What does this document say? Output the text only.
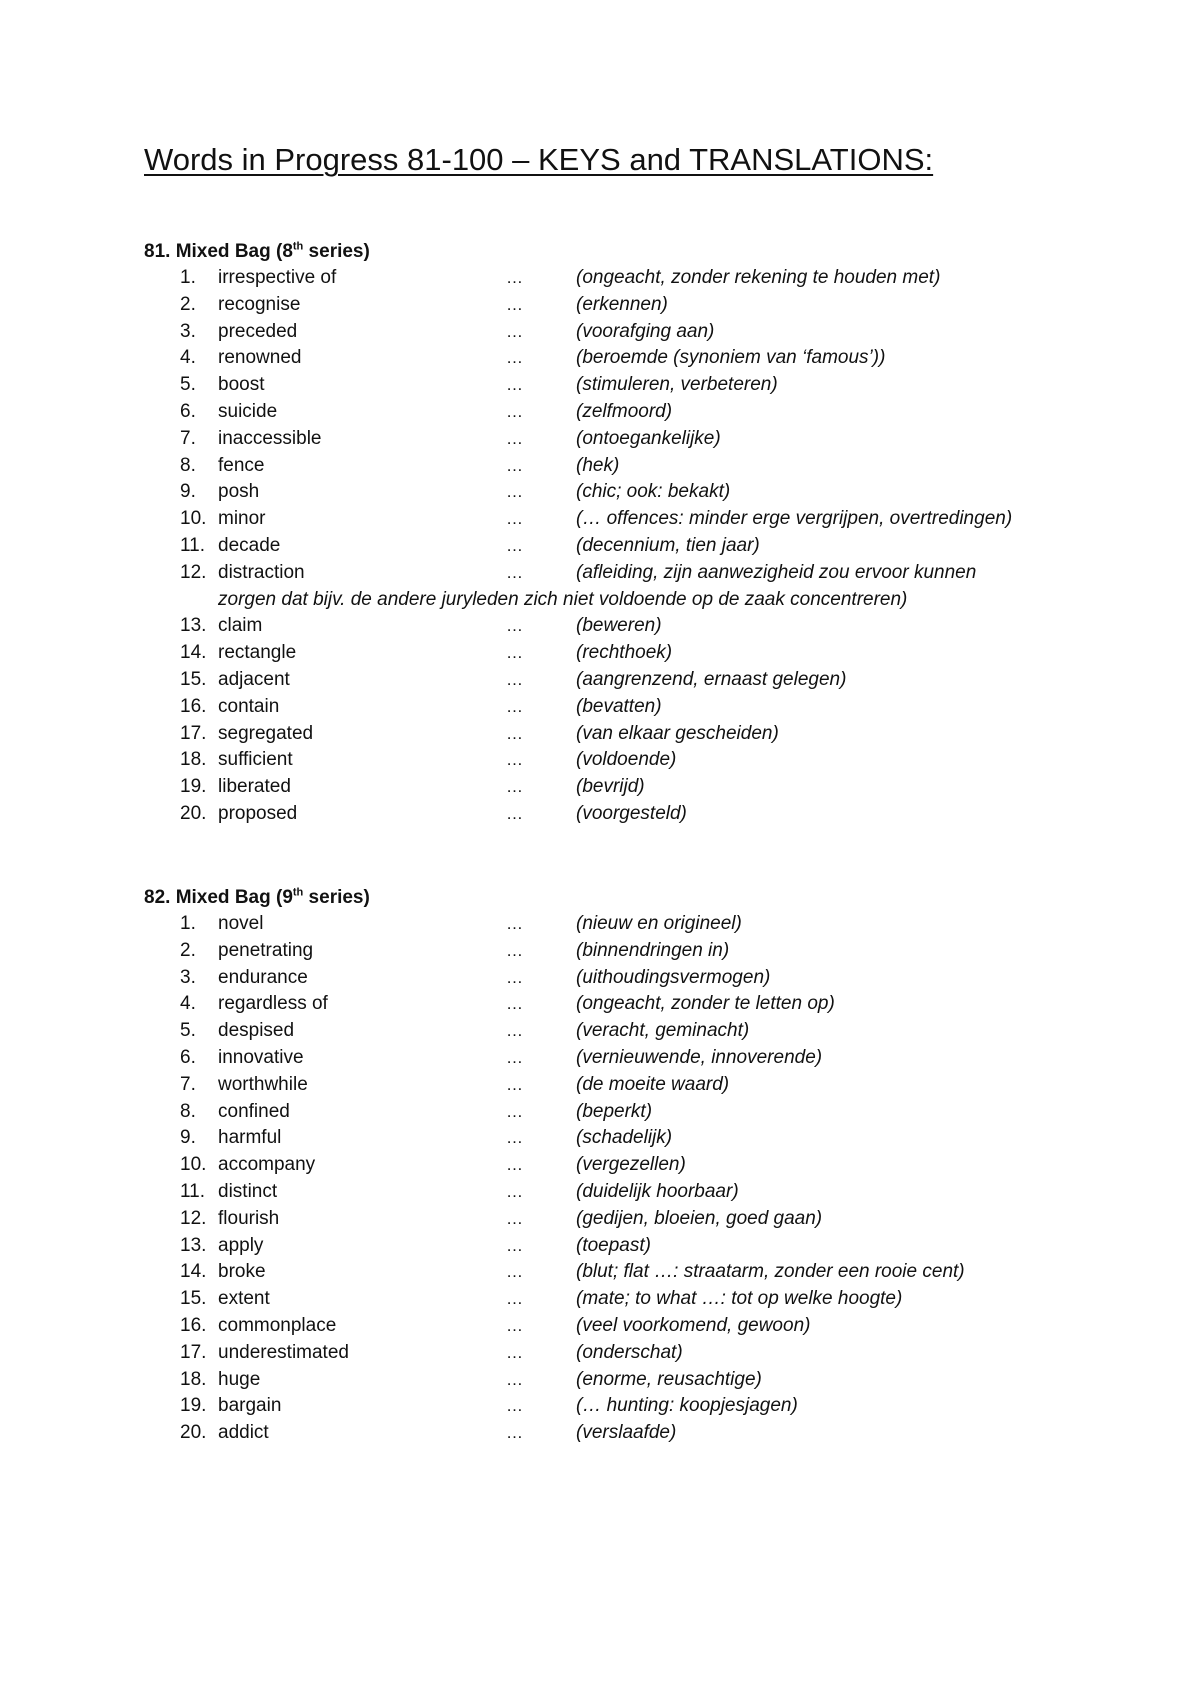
Words in Progress 81-100 – KEYS and TRANSLATIONS:
81. Mixed Bag (8th series)
1.	irrespective of	…	(ongeacht, zonder rekening te houden met)
2.	recognise	…	(erkennen)
3.	preceded	…	(voorafging aan)
4.	renowned	…	(beroemde (synoniem van ‘famous’))
5.	boost	…	(stimuleren, verbeteren)
6.	suicide	…	(zelfmoord)
7.	inaccessible	…	(ontoegankelijke)
8.	fence	…	(hek)
9.	posh	…	(chic; ook: bekakt)
10. minor	…	(… offences: minder erge vergrijpen, overtredingen)
11. decade	…	(decennium, tien jaar)
12. distraction	…	(afleiding, zijn aanwezigheid zou ervoor kunnen
zorgen dat bijv. de andere juryleden zich niet voldoende op de zaak concentreren)
13. claim	…	(beweren)
14. rectangle	…	(rechthoek)
15. adjacent	…	(aangrenzend, ernaast gelegen)
16. contain	…	(bevatten)
17. segregated	…	(van elkaar gescheiden)
18. sufficient	…	(voldoende)
19. liberated	…	(bevrijd)
20. proposed	…	(voorgesteld)
82. Mixed Bag (9th series)
1.	novel	…	(nieuw en origineel)
2.	penetrating	…	(binnendringen in)
3.	endurance	…	(uithoudingsvermogen)
4.	regardless of	…	(ongeacht, zonder te letten op)
5.	despised	…	(veracht, geminacht)
6.	innovative	…	(vernieuwende, innoverende)
7.	worthwhile	…	(de moeite waard)
8.	confined	…	(beperkt)
9.	harmful	…	(schadelijk)
10. accompany	…	(vergezellen)
11. distinct	…	(duidelijk hoorbaar)
12. flourish	…	(gedijen, bloeien, goed gaan)
13. apply	…	(toepast)
14. broke	…	(blut; flat …: straatarm, zonder een rooie cent)
15. extent	…	(mate; to what …: tot op welke hoogte)
16. commonplace	…	(veel voorkomend, gewoon)
17. underestimated	…	(onderschat)
18. huge	…	(enorme, reusachtige)
19. bargain	…	(… hunting: koopjesjagen)
20. addict	…	(verslaafde)
